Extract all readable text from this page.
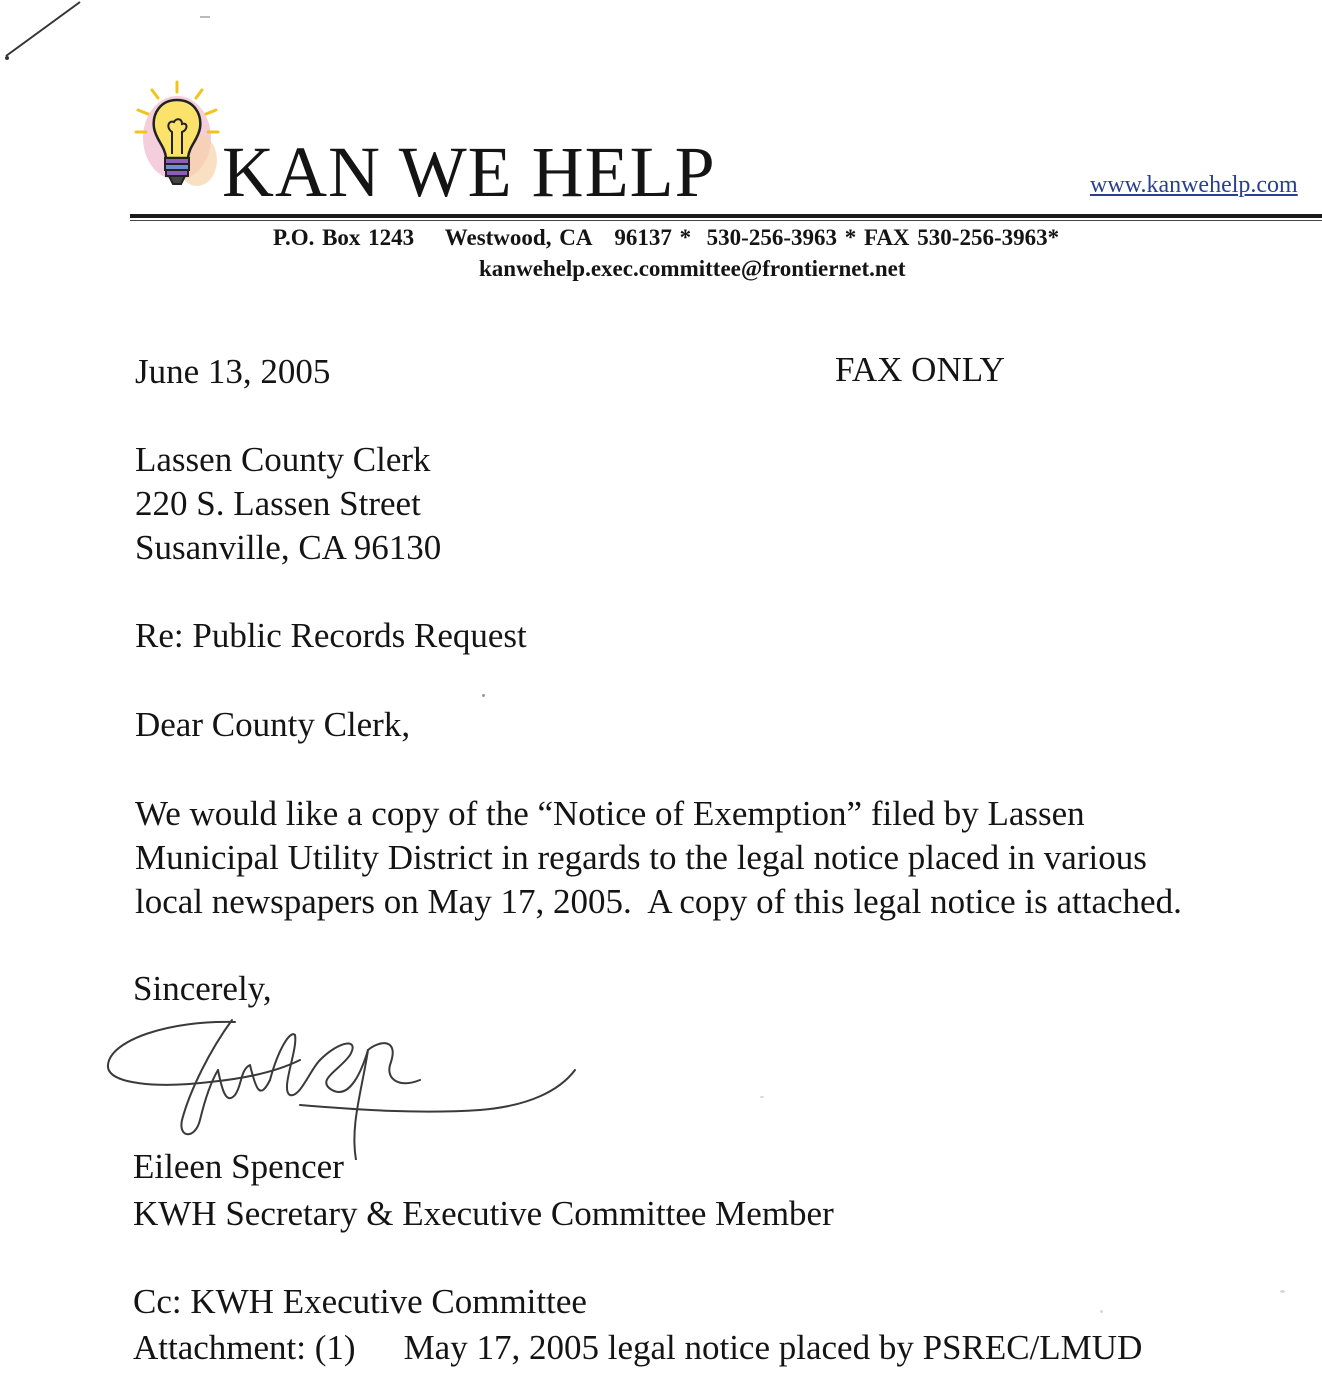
KAN WE HELP	www.kanwehelp.com
P.O. Box 1243    Westwood, CA   96137 *  530-256-3963 * FAX 530-256-3963*
kanwehelp.exec.committee@frontiernet.net
June 13, 2005	FAX ONLY
Lassen County Clerk
220 S. Lassen Street
Susanville, CA 96130
Re: Public Records Request
Dear County Clerk,
We would like a copy of the “Notice of Exemption” filed by Lassen
Municipal Utility District in regards to the legal notice placed in various
local newspapers on May 17, 2005.  A copy of this legal notice is attached.
Sincerely,
Eileen Spencer
KWH Secretary & Executive Committee Member
Cc: KWH Executive Committee
Attachment: (1) May 17, 2005 legal notice placed by PSREC/LMUD
